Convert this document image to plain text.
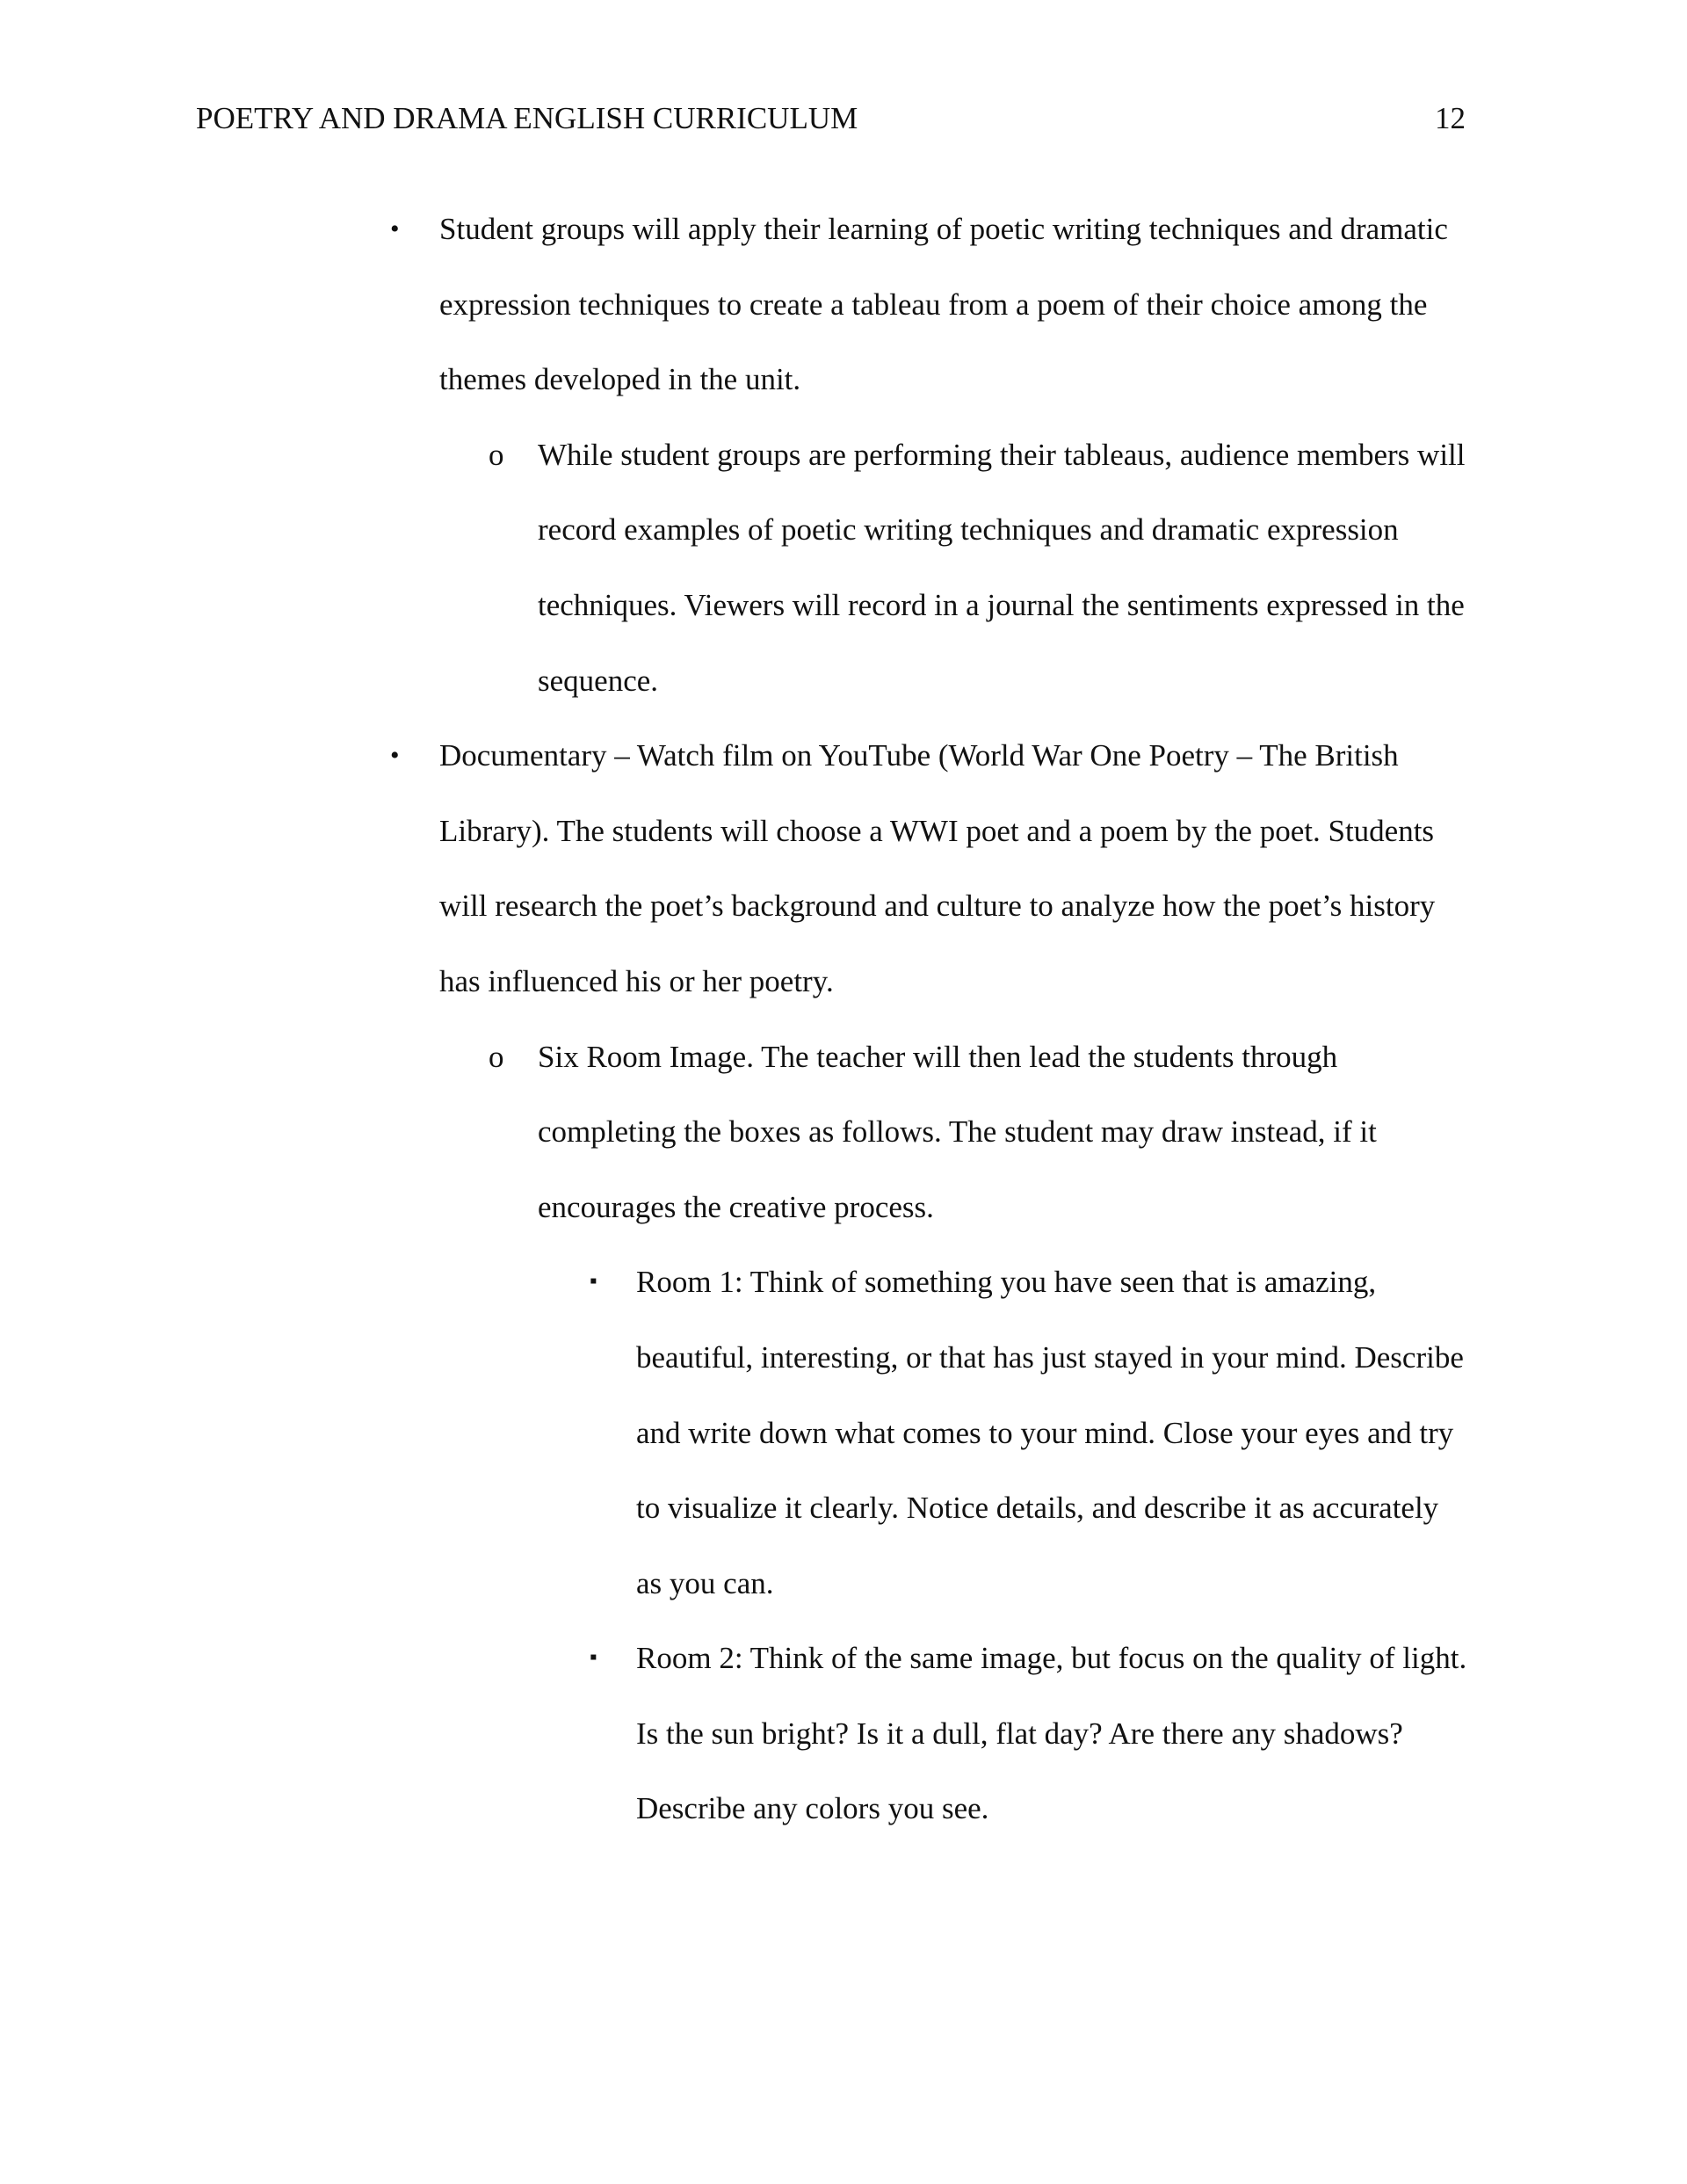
POETRY AND DRAMA ENGLISH CURRICULUM	12
• Student groups will apply their learning of poetic writing techniques and dramatic expression techniques to create a tableau from a poem of their choice among the themes developed in the unit.
o While student groups are performing their tableaus, audience members will record examples of poetic writing techniques and dramatic expression techniques. Viewers will record in a journal the sentiments expressed in the sequence.
• Documentary – Watch film on YouTube (World War One Poetry – The British Library). The students will choose a WWI poet and a poem by the poet. Students will research the poet’s background and culture to analyze how the poet’s history has influenced his or her poetry.
o Six Room Image. The teacher will then lead the students through completing the boxes as follows. The student may draw instead, if it encourages the creative process.
▪ Room 1: Think of something you have seen that is amazing, beautiful, interesting, or that has just stayed in your mind. Describe and write down what comes to your mind. Close your eyes and try to visualize it clearly. Notice details, and describe it as accurately as you can.
▪ Room 2: Think of the same image, but focus on the quality of light. Is the sun bright? Is it a dull, flat day? Are there any shadows? Describe any colors you see.
